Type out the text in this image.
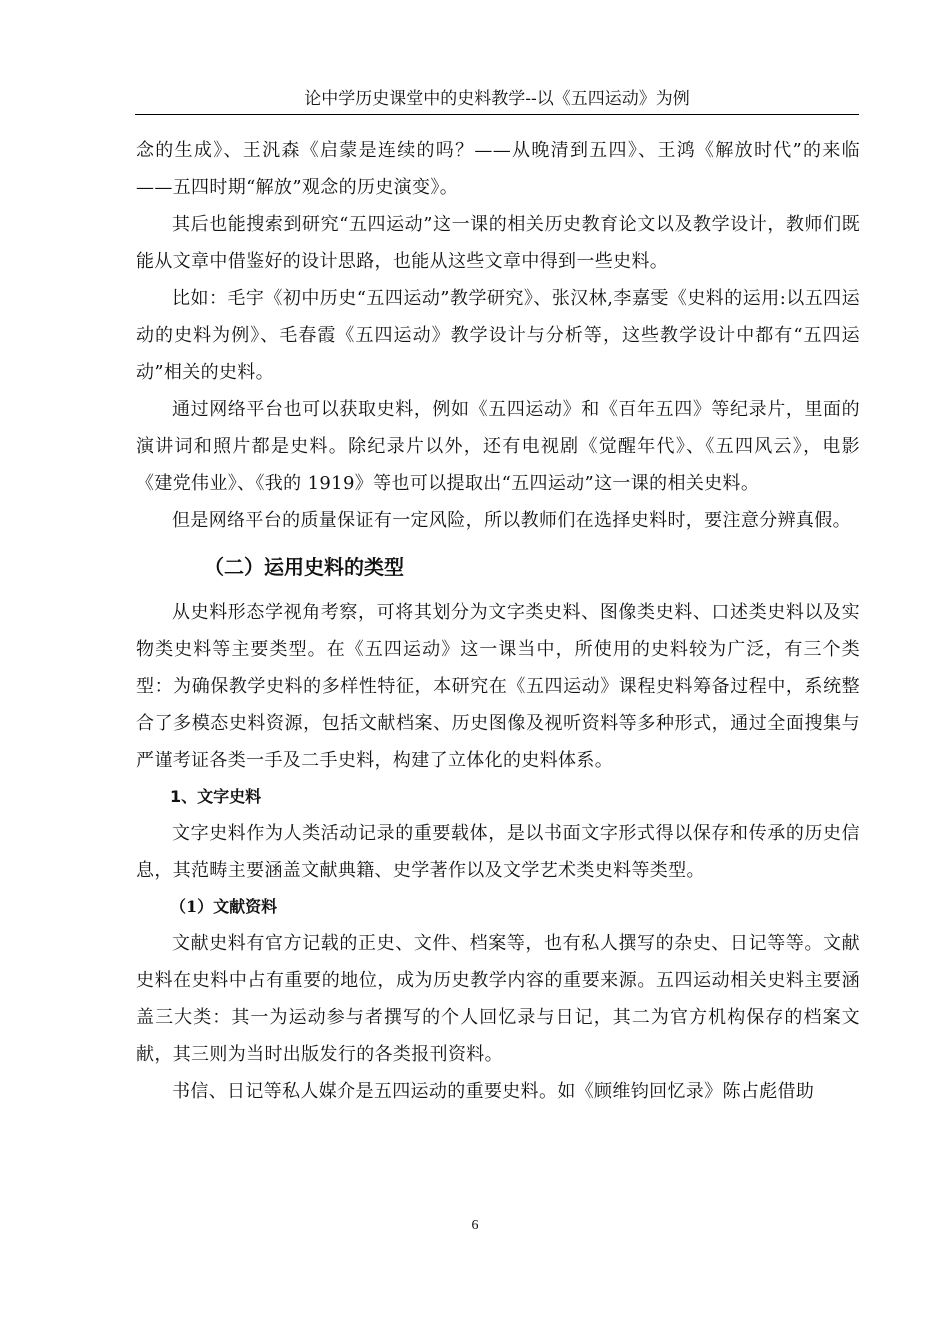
论中学历史课堂中的史料教学--以《五四运动》为例

念的生成》、王汎森《启蒙是连续的吗？——从晚清到五四》、王鸿《解放时代”的来临——五四时期“解放”观念的历史演变》。

其后也能搜索到研究“五四运动”这一课的相关历史教育论文以及教学设计，教师们既能从文章中借鉴好的设计思路，也能从这些文章中得到一些史料。

比如：毛宇《初中历史“五四运动”教学研究》、张汉林,李嘉雯《史料的运用:以五四运动的史料为例》、毛春霞《五四运动》教学设计与分析等，这些教学设计中都有“五四运动”相关的史料。

通过网络平台也可以获取史料，例如《五四运动》和《百年五四》等纪录片，里面的演讲词和照片都是史料。除纪录片以外，还有电视剧《觉醒年代》、《五四风云》，电影《建党伟业》、《我的 1919》等也可以提取出“五四运动”这一课的相关史料。

但是网络平台的质量保证有一定风险，所以教师们在选择史料时，要注意分辨真假。

（二）运用史料的类型

从史料形态学视角考察，可将其划分为文字类史料、图像类史料、口述类史料以及实物类史料等主要类型。在《五四运动》这一课当中，所使用的史料较为广泛，有三个类型：为确保教学史料的多样性特征，本研究在《五四运动》课程史料筹备过程中，系统整合了多模态史料资源，包括文献档案、历史图像及视听资料等多种形式，通过全面搜集与严谨考证各类一手及二手史料，构建了立体化的史料体系。

1、文字史料

文字史料作为人类活动记录的重要载体，是以书面文字形式得以保存和传承的历史信息，其范畴主要涵盖文献典籍、史学著作以及文学艺术类史料等类型。

（1）文献资料

文献史料有官方记载的正史、文件、档案等，也有私人撰写的杂史、日记等等。文献史料在史料中占有重要的地位，成为历史教学内容的重要来源。五四运动相关史料主要涵盖三大类：其一为运动参与者撰写的个人回忆录与日记，其二为官方机构保存的档案文献，其三则为当时出版发行的各类报刊资料。

书信、日记等私人媒介是五四运动的重要史料。如《顾维钧回忆录》陈占彪借助

6
